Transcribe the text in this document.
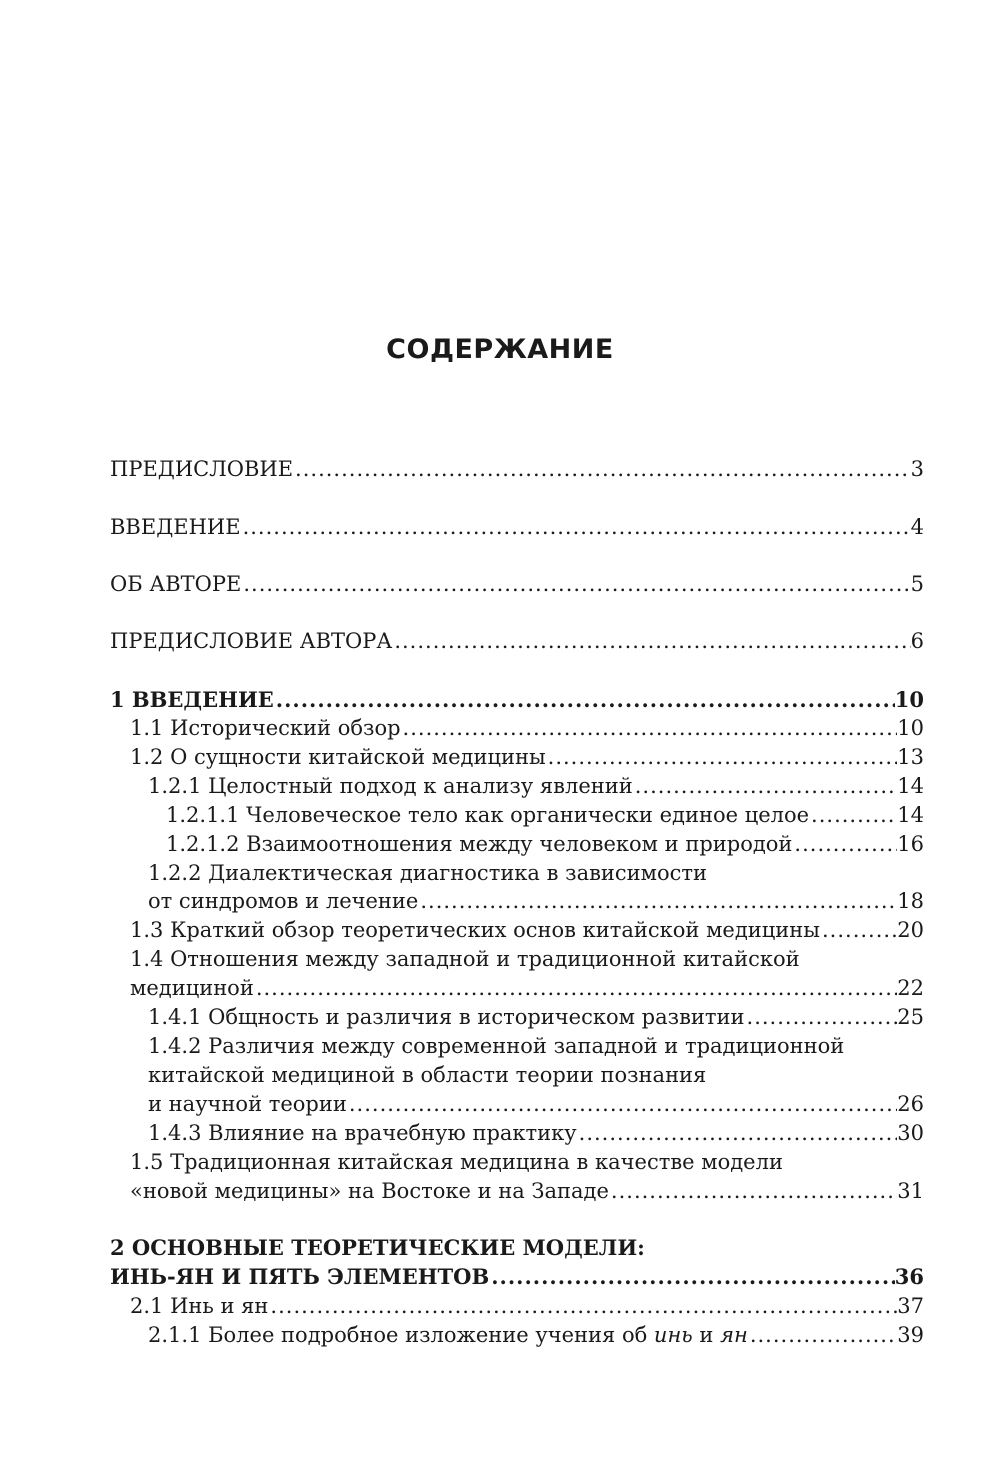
СОДЕРЖАНИЕ
ПРЕДИСЛОВИЕ .....	3
ВВЕДЕНИЕ .....	4
ОБ АВТОРЕ .....	5
ПРЕДИСЛОВИЕ АВТОРА .....	6
1 ВВЕДЕНИЕ .....	10
1.1 Исторический обзор .....	10
1.2 О сущности китайской медицины .....	13
1.2.1 Целостный подход к анализу явлений .....	14
1.2.1.1 Человеческое тело как органически единое целое .....	14
1.2.1.2 Взаимоотношения между человеком и природой .....	16
1.2.2 Диалектическая диагностика в зависимости
от синдромов и лечение .....	18
1.3 Краткий обзор теоретических основ китайской медицины .....	20
1.4 Отношения между западной и традиционной китайской
медициной .....	22
1.4.1 Общность и различия в историческом развитии .....	25
1.4.2 Различия между современной западной и традиционной
китайской медициной в области теории познания
и научной теории .....	26
1.4.3 Влияние на врачебную практику .....	30
1.5 Традиционная китайская медицина в качестве модели
«новой медицины» на Востоке и на Западе .....	31
2 ОСНОВНЫЕ ТЕОРЕТИЧЕСКИЕ МОДЕЛИ:
ИНЬ-ЯН И ПЯТЬ ЭЛЕМЕНТОВ .....	36
2.1 Инь и ян .....	37
2.1.1 Более подробное изложение учения об инь и ян .....	39
